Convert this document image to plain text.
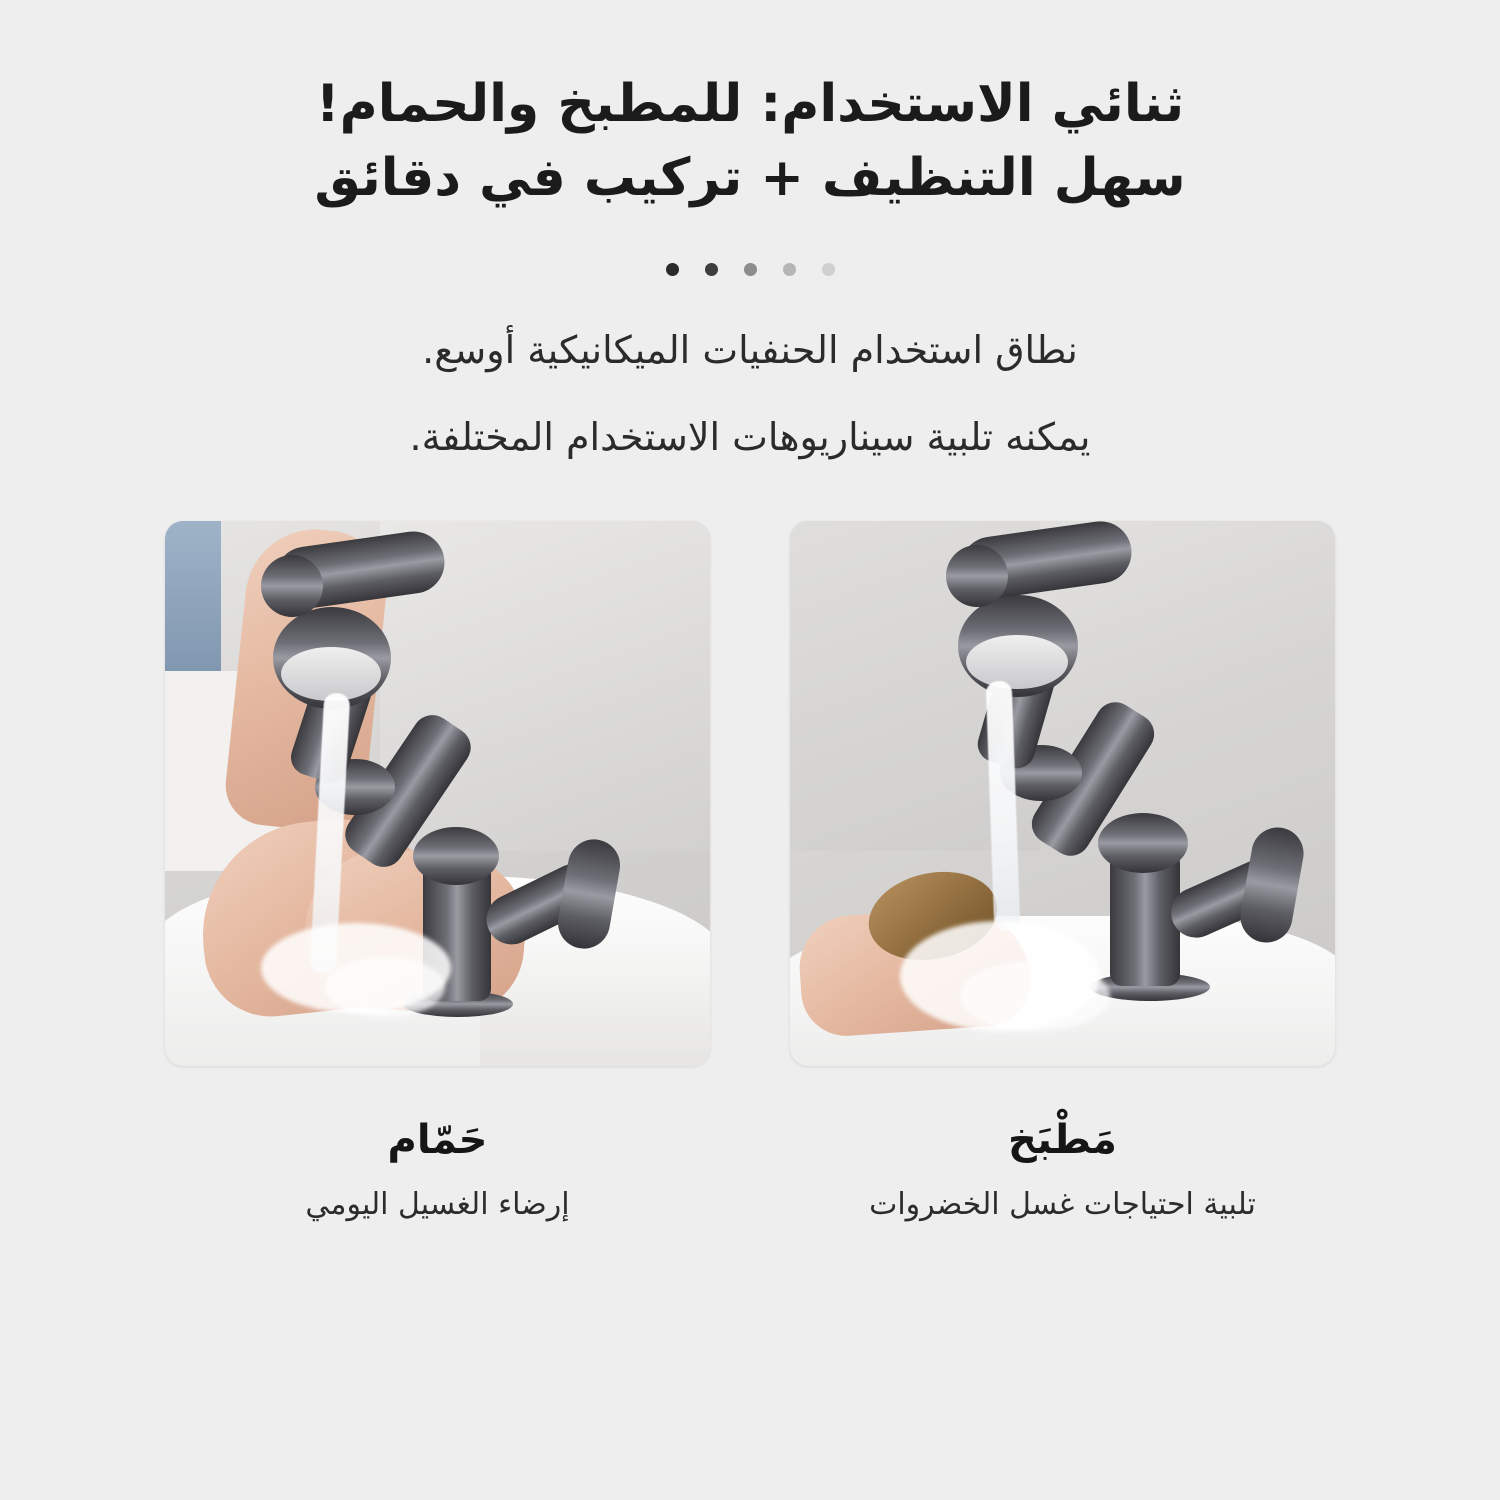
ثنائي الاستخدام: للمطبخ والحمام!
سهل التنظيف + تركيب في دقائق

نطاق استخدام الحنفيات الميكانيكية أوسع.

يمكنه تلبية سيناريوهات الاستخدام المختلفة.

حَمّام
إرضاء الغسيل اليومي
مَطْبَخ
تلبية احتياجات غسل الخضروات
